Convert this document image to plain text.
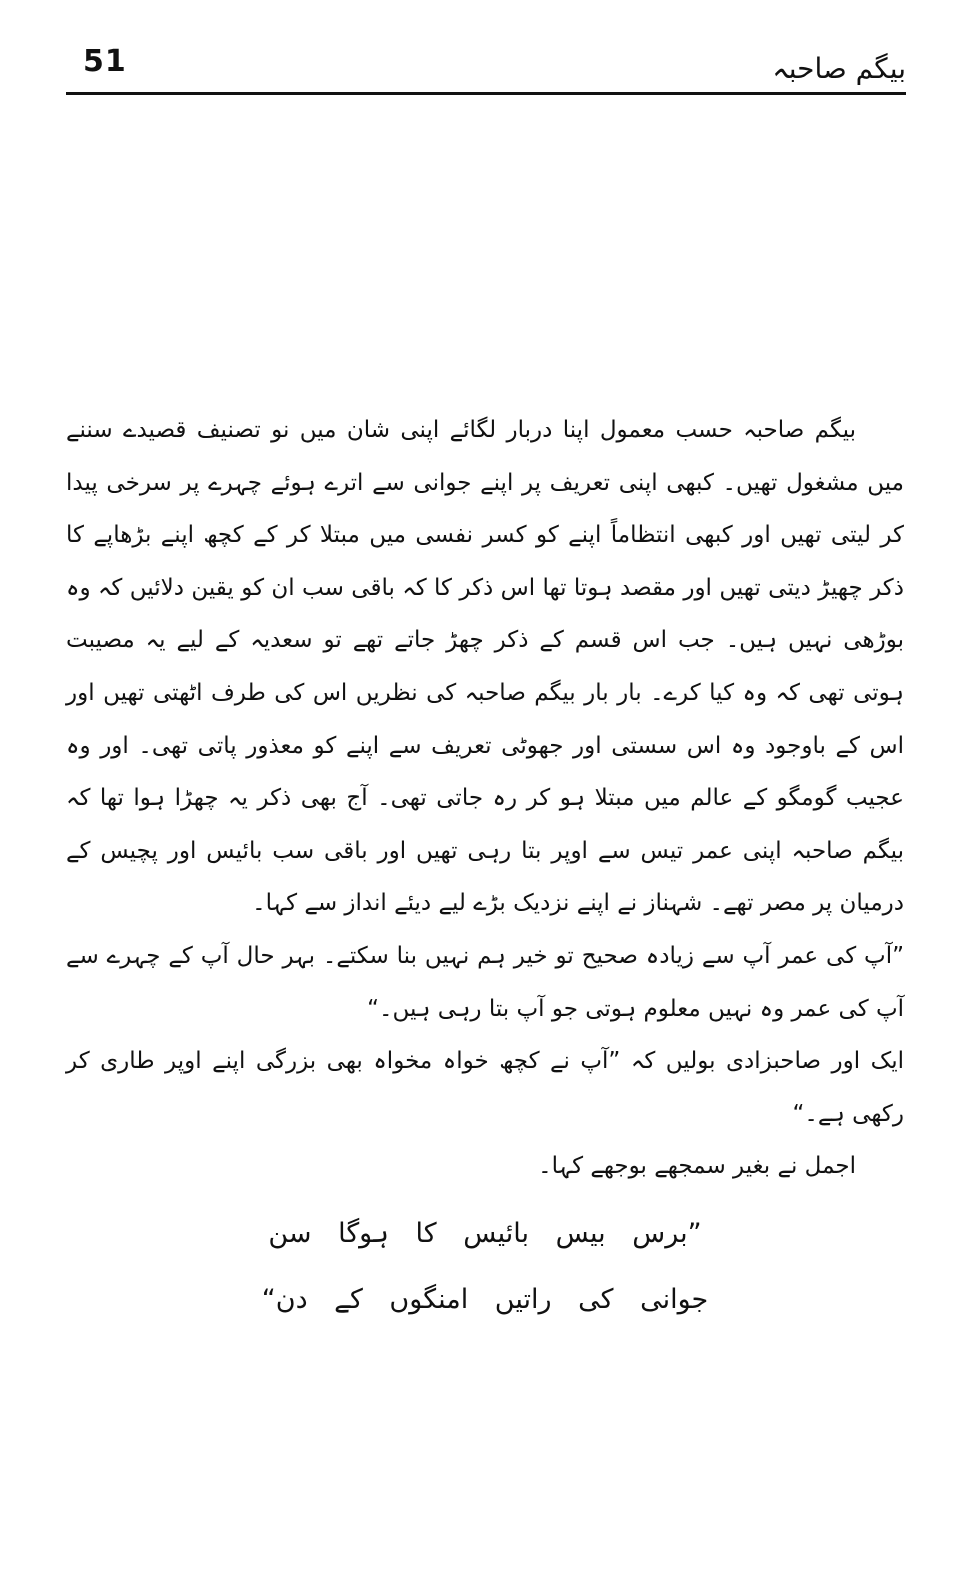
51	بیگم صاحبہ

بیگم صاحبہ حسب معمول اپنا دربار لگائے اپنی شان میں نو تصنیف قصیدے سننے میں مشغول تھیں۔ کبھی اپنی تعریف پر اپنے جوانی سے اترے ہوئے چہرے پر سرخی پیدا کر لیتی تھیں اور کبھی انتظاماً اپنے کو کسر نفسی میں مبتلا کر کے کچھ اپنے بڑھاپے کا ذکر چھیڑ دیتی تھیں اور مقصد ہوتا تھا اس ذکر کا کہ باقی سب ان کو یقین دلائیں کہ وہ بوڑھی نہیں ہیں۔ جب اس قسم کے ذکر چھڑ جاتے تھے تو سعدیہ کے لیے یہ مصیبت ہوتی تھی کہ وہ کیا کرے۔ بار بار بیگم صاحبہ کی نظریں اس کی طرف اٹھتی تھیں اور اس کے باوجود وہ اس سستی اور جھوٹی تعریف سے اپنے کو معذور پاتی تھی۔ اور وہ عجیب گومگو کے عالم میں مبتلا ہو کر رہ جاتی تھی۔ آج بھی ذکر یہ چھڑا ہوا تھا کہ بیگم صاحبہ اپنی عمر تیس سے اوپر بتا رہی تھیں اور باقی سب بائیس اور پچیس کے درمیان پر مصر تھے۔ شہناز نے اپنے نزدیک بڑے لیے دیئے انداز سے کہا۔

”آپ کی عمر آپ سے زیادہ صحیح تو خیر ہم نہیں بنا سکتے۔ بہر حال آپ کے چہرے سے آپ کی عمر وہ نہیں معلوم ہوتی جو آپ بتا رہی ہیں۔“

ایک اور صاحبزادی بولیں کہ ”آپ نے کچھ خواہ مخواہ بھی بزرگی اپنے اوپر طاری کر رکھی ہے۔“

اجمل نے بغیر سمجھے بوجھے کہا۔

”برس بیس بائیس کا ہوگا سن
جوانی کی راتیں امنگوں کے دن“
